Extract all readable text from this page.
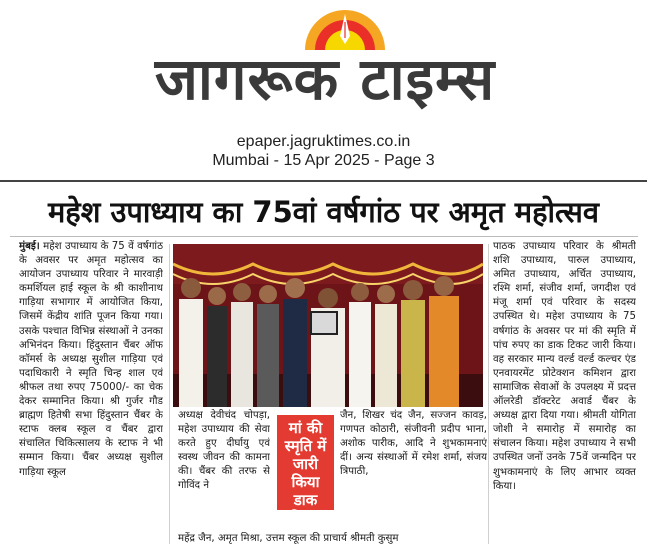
जागरूक टाइम्स
epaper.jagruktimes.co.in
Mumbai - 15 Apr 2025 - Page 3
महेश उपाध्याय का 75वां वर्षगांठ पर अमृत महोत्सव
मुंबई। महेश उपाध्याय के 75 वें वर्षगांठ के अवसर पर अमृत महोत्सव का आयोजन उपाध्याय परिवार ने मारवाड़ी कमर्शियल हाई स्कूल के श्री काशीनाथ गाड़िया सभागार में आयोजित किया, जिसमें केंद्रीय शांति पूजन किया गया। उसके पश्चात विभिन्न संस्थाओं ने उनका अभिनंदन किया। हिंदुस्तान चैंबर ऑफ कॉमर्स के अध्यक्ष सुशील गाड़िया एवं पदाधिकारी ने स्मृति चिन्ह शाल एवं श्रीफल तथा रुपए 75000/- का चेक देकर सम्मानित किया। श्री गुर्जर गौड ब्राह्मण हितेषी सभा हिंदुस्तान चैंबर के स्टाफ क्लब स्कूल व चैंबर द्वारा संचालित चिकित्सालय के स्टाफ ने भी सम्मान किया। चैंबर अध्यक्ष सुशील गाड़िया स्कूल
अध्यक्ष देवीचंद चोपड़ा, महेश उपाध्याय की सेवा करते हुए दीर्घायु एवं स्वस्थ जीवन की कामना की। चैंबर की तरफ से गोविंद ने
मां की
स्मृति में
जारी किया
डाक टिकट
जैन, शिखर चंद जैन, सज्जन कावड़, गणपत कोठारी, संजीवनी प्रदीप भाना, अशोक पारीक, आदि ने शुभकामनाएं दीं। अन्य संस्थाओं में रमेश शर्मा, संजय त्रिपाठी,
महेंद्र जैन, अमृत मिश्रा, उत्तम स्कूल की प्राचार्य श्रीमती कुसुम
पाठक उपाध्याय परिवार के श्रीमती शशि उपाध्याय, पारुल उपाध्याय, अमित उपाध्याय, अर्चित उपाध्याय, रश्मि शर्मा, संजीव शर्मा, जगदीश एवं मंजू शर्मा एवं परिवार के सदस्य उपस्थित थे। महेश उपाध्याय के 75 वर्षगांठ के अवसर पर मां की स्मृति में पांच रुपए का डाक टिकट जारी किया। वह सरकार मान्य वर्ल्ड वर्ल्ड कल्चर एंड एनवायरमेंट प्रोटेक्शन कमिशन द्वारा सामाजिक सेवाओं के उपलक्ष्य में प्रदत्त ऑलरेडी डॉक्टरेट अवार्ड चैंबर के अध्यक्ष द्वारा दिया गया। श्रीमती योगिता जोशी ने समारोह में समारोह का संचालन किया। महेश उपाध्याय ने सभी उपस्थित जनों उनके 75वें जन्मदिन पर शुभकामनाएं के लिए आभार व्यक्त किया।
